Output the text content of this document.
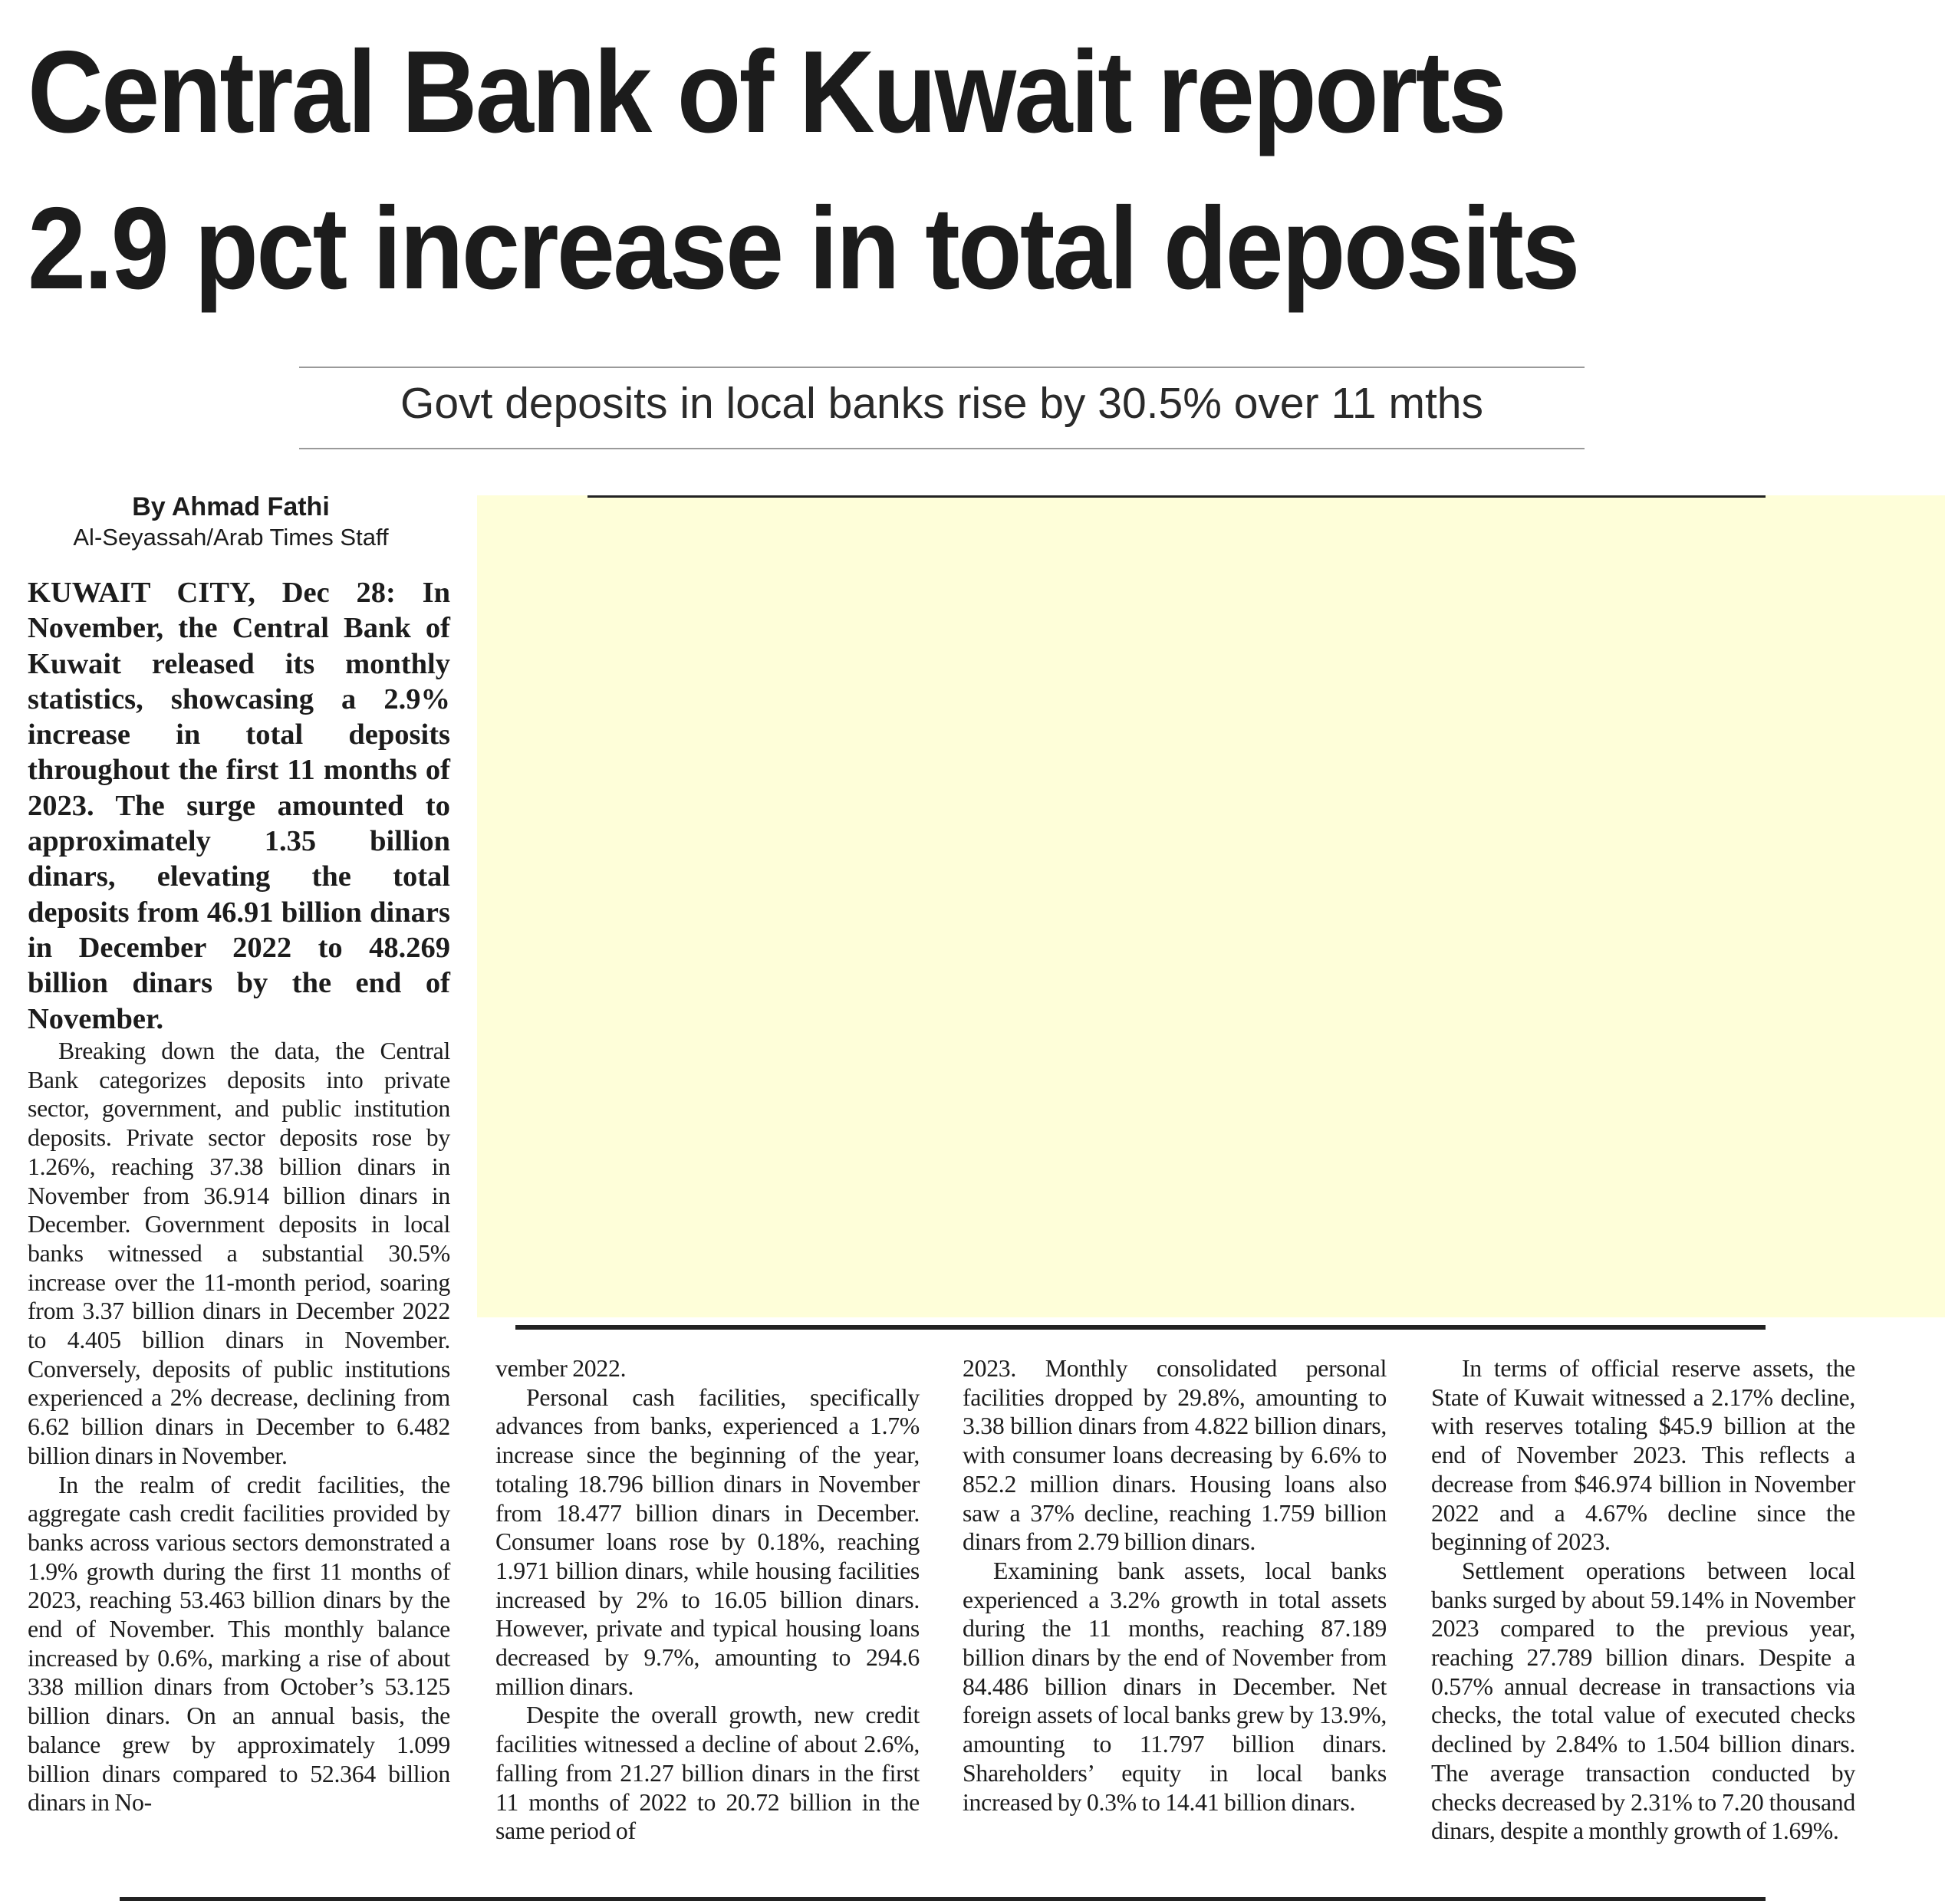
Central Bank of Kuwait reports
2.9 pct increase in total deposits
Govt deposits in local banks rise by 30.5% over 11 mths
By Ahmad Fathi
Al-Seyassah/Arab Times Staff

KUWAIT CITY, Dec 28: In November, the Central Bank of Kuwait released its monthly statistics, showcasing a 2.9% increase in total deposits throughout the first 11 months of 2023. The surge amounted to approximately 1.35 billion dinars, elevating the total deposits from 46.91 billion dinars in December 2022 to 48.269 billion dinars by the end of November.

Breaking down the data, the Central Bank categorizes deposits into private sector, government, and public institution deposits. Private sector deposits rose by 1.26%, reaching 37.38 billion dinars in November from 36.914 billion dinars in December. Government deposits in local banks witnessed a substantial 30.5% increase over the 11-month period, soaring from 3.37 billion dinars in December 2022 to 4.405 billion dinars in November. Conversely, deposits of public institutions experienced a 2% decrease, declining from 6.62 billion dinars in December to 6.482 billion dinars in November.

In the realm of credit facilities, the aggregate cash credit facilities provided by banks across various sectors demonstrated a 1.9% growth during the first 11 months of 2023, reaching 53.463 billion dinars by the end of November. This monthly balance increased by 0.6%, marking a rise of about 338 million dinars from October’s 53.125 billion dinars. On an annual basis, the balance grew by approximately 1.099 billion dinars compared to 52.364 billion dinars in No-

vember 2022.

Personal cash facilities, specifically advances from banks, experienced a 1.7% increase since the beginning of the year, totaling 18.796 billion dinars in November from 18.477 billion dinars in December. Consumer loans rose by 0.18%, reaching 1.971 billion dinars, while housing facilities increased by 2% to 16.05 billion dinars. However, private and typical housing loans decreased by 9.7%, amounting to 294.6 million dinars.

Despite the overall growth, new credit facilities witnessed a decline of about 2.6%, falling from 21.27 billion dinars in the first 11 months of 2022 to 20.72 billion in the same period of

2023. Monthly consolidated personal facilities dropped by 29.8%, amounting to 3.38 billion dinars from 4.822 billion dinars, with consumer loans decreasing by 6.6% to 852.2 million dinars. Housing loans also saw a 37% decline, reaching 1.759 billion dinars from 2.79 billion dinars.

Examining bank assets, local banks experienced a 3.2% growth in total assets during the 11 months, reaching 87.189 billion dinars by the end of November from 84.486 billion dinars in December. Net foreign assets of local banks grew by 13.9%, amounting to 11.797 billion dinars. Shareholders’ equity in local banks increased by 0.3% to 14.41 billion dinars.

In terms of official reserve assets, the State of Kuwait witnessed a 2.17% decline, with reserves totaling $45.9 billion at the end of November 2023. This reflects a decrease from $46.974 billion in November 2022 and a 4.67% decline since the beginning of 2023.

Settlement operations between local banks surged by about 59.14% in November 2023 compared to the previous year, reaching 27.789 billion dinars. Despite a 0.57% annual decrease in transactions via checks, the total value of executed checks declined by 2.84% to 1.504 billion dinars. The average transaction conducted by checks decreased by 2.31% to 7.20 thousand dinars, despite a monthly growth of 1.69%.
